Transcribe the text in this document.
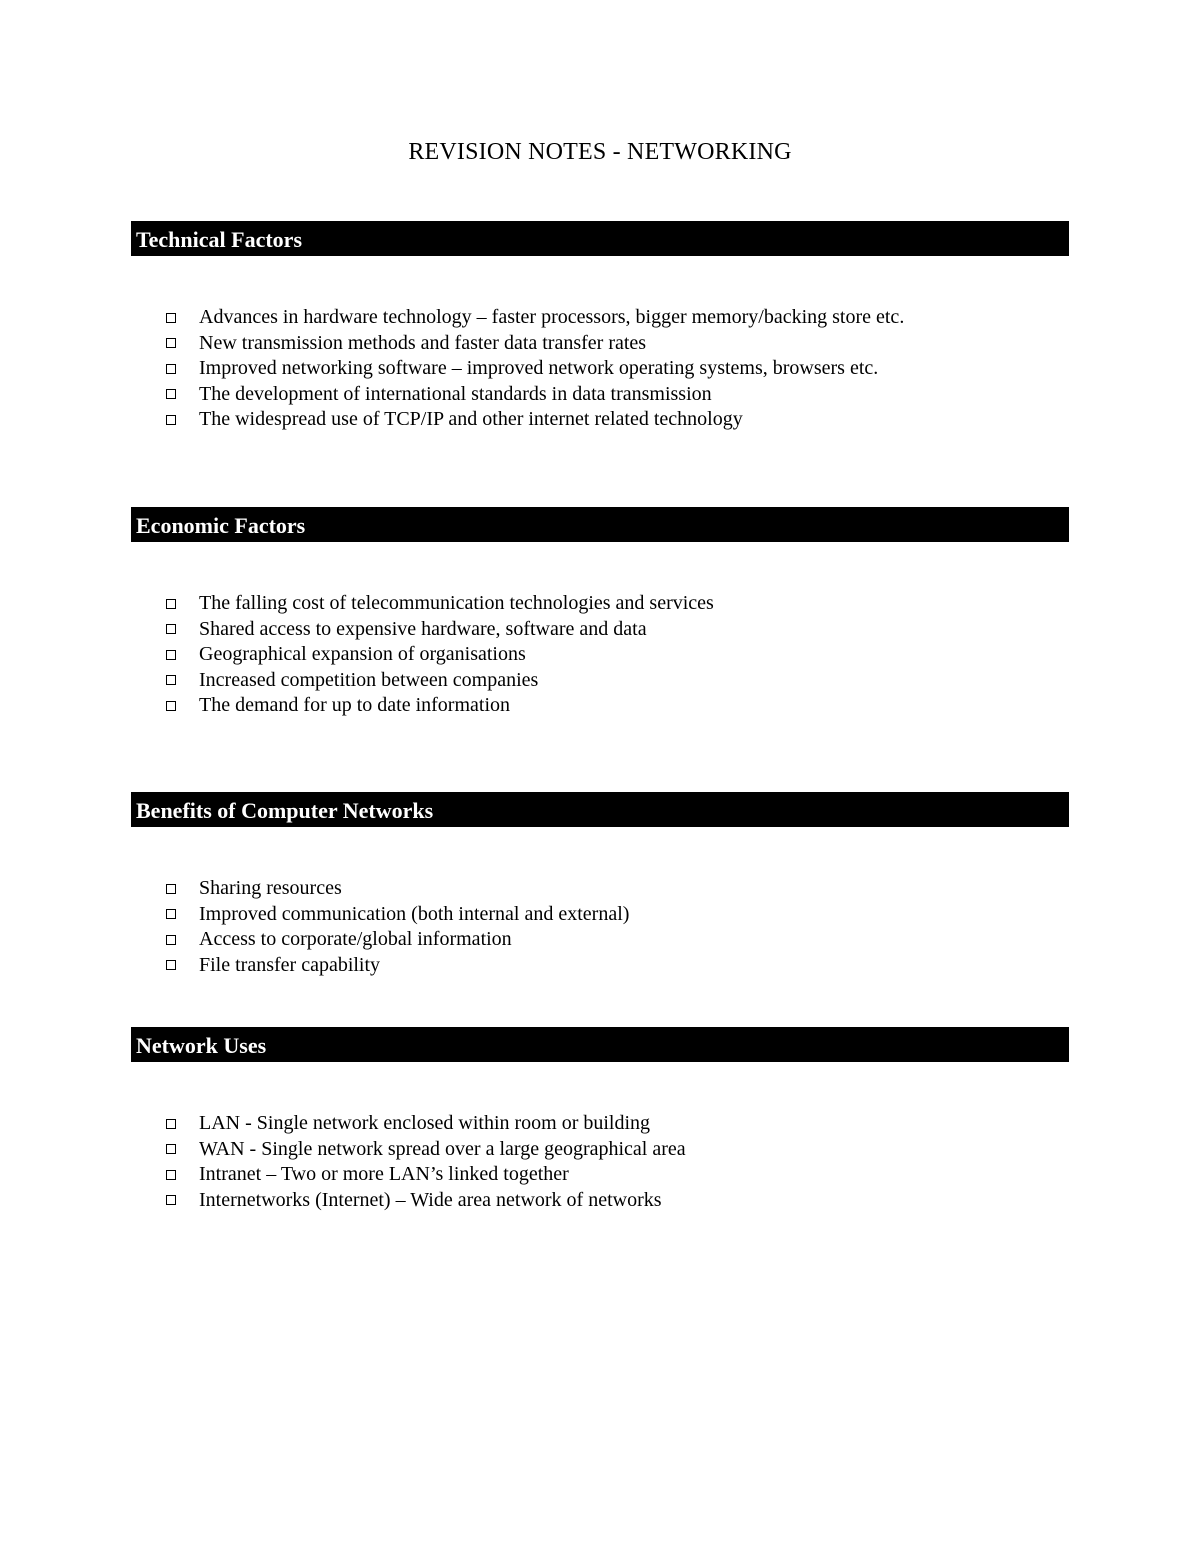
REVISION NOTES - NETWORKING
Technical Factors
Advances in hardware technology – faster processors, bigger memory/backing store etc.
New transmission methods and faster data transfer rates
Improved networking software – improved network operating systems, browsers etc.
The development of international standards in data transmission
The widespread use of TCP/IP and other internet related technology
Economic Factors
The falling cost of telecommunication technologies and services
Shared access to expensive hardware, software and data
Geographical expansion of organisations
Increased competition between companies
The demand for up to date information
Benefits of Computer Networks
Sharing resources
Improved communication (both internal and external)
Access to corporate/global information
File transfer capability
Network Uses
LAN - Single network enclosed within room or building
WAN - Single network spread over a large geographical area
Intranet – Two or more LAN’s linked together
Internetworks (Internet) – Wide area network of networks
